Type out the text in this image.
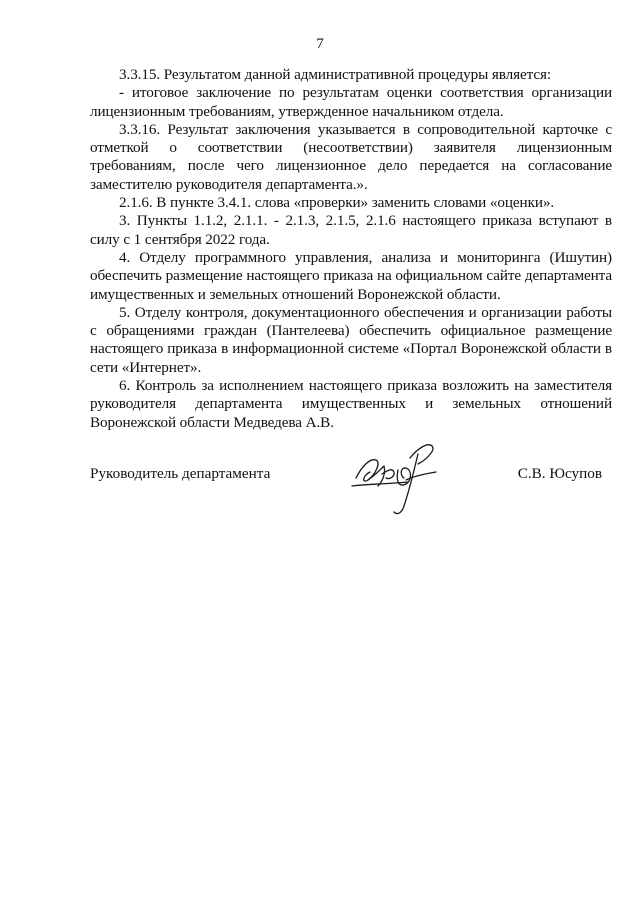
7

3.3.15. Результатом данной административной процедуры является:

- итоговое заключение по результатам оценки соответствия организации лицензионным требованиям, утвержденное начальником отдела.

3.3.16. Результат заключения указывается в сопроводительной карточке с отметкой о соответствии (несоответствии) заявителя лицензионным требованиям, после чего лицензионное дело передается на согласование заместителю руководителя департамента.».

2.1.6. В пункте 3.4.1. слова «проверки» заменить словами «оценки».

3. Пункты 1.1.2, 2.1.1. - 2.1.3, 2.1.5, 2.1.6 настоящего приказа вступают в силу с 1 сентября 2022 года.

4. Отделу программного управления, анализа и мониторинга (Ишутин) обеспечить размещение настоящего приказа на официальном сайте департамента имущественных и земельных отношений Воронежской области.

5. Отделу контроля, документационного обеспечения и организации работы с обращениями граждан (Пантелеева) обеспечить официальное размещение настоящего приказа в информационной системе «Портал Воронежской области в сети «Интернет».

6. Контроль за исполнением настоящего приказа возложить на заместителя руководителя департамента имущественных и земельных отношений Воронежской области Медведева А.В.

Руководитель департамента	С.В. Юсупов
